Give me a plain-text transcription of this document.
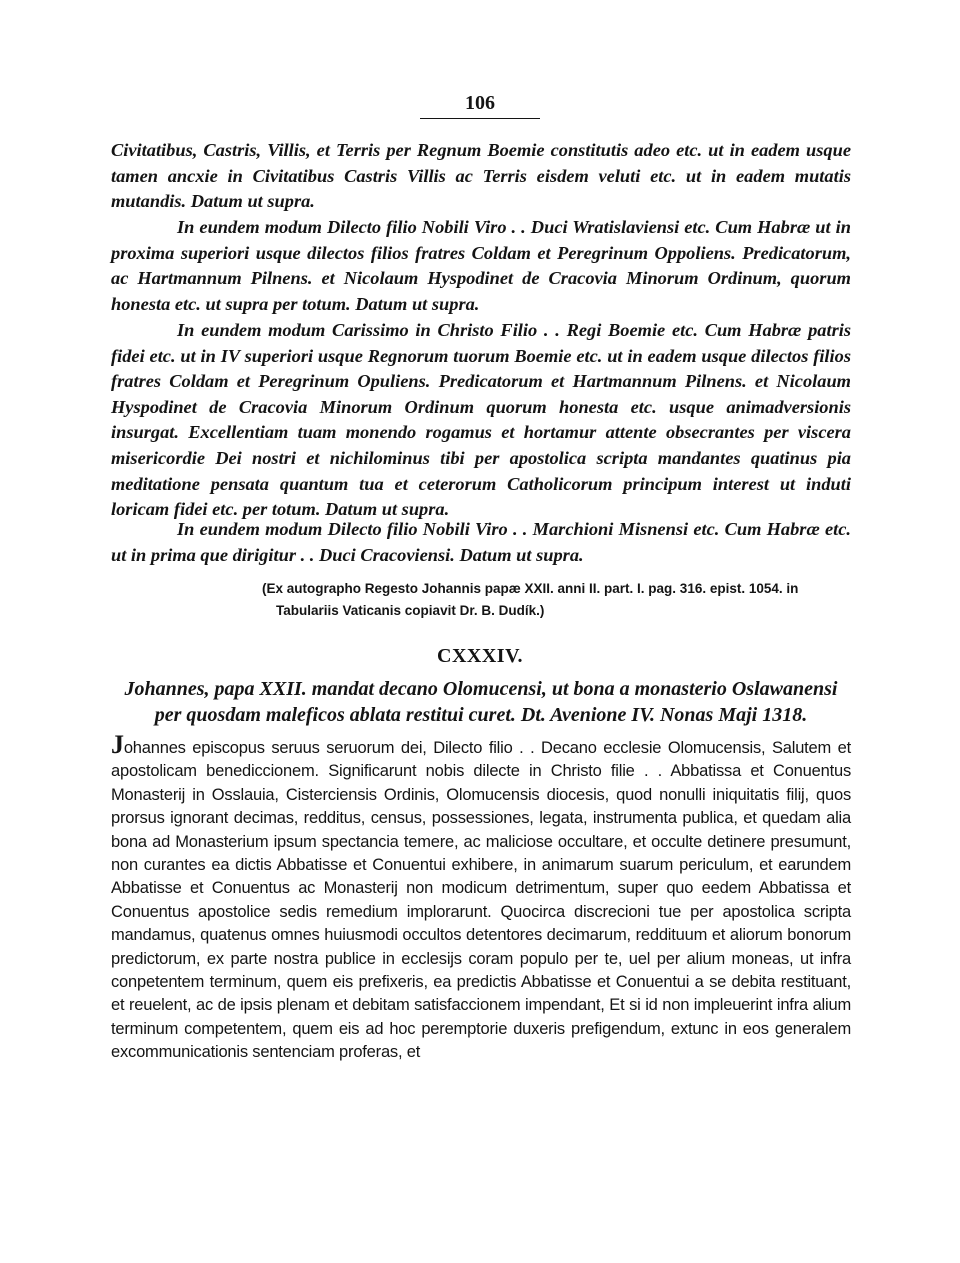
106

Civitatibus, Castris, Villis, et Terris per Regnum Boemie constitutis adeo etc. ut in eadem usque tamen ancxie in Civitatibus Castris Villis ac Terris eisdem veluti etc. ut in eadem mutatis mutandis. Datum ut supra.

In eundem modum Dilecto filio Nobili Viro . . Duci Wratislaviensi etc. Cum Habræ ut in proxima superiori usque dilectos filios fratres Coldam et Peregrinum Oppoliens. Predicatorum, ac Hartmannum Pilnens. et Nicolaum Hyspodinet de Cracovia Minorum Ordinum, quorum honesta etc. ut supra per totum. Datum ut supra.

In eundem modum Carissimo in Christo Filio . . Regi Boemie etc. Cum Habræ patris fidei etc. ut in IV superiori usque Regnorum tuorum Boemie etc. ut in eadem usque dilectos filios fratres Coldam et Peregrinum Opuliens. Predicatorum et Hartmannum Pilnens. et Nicolaum Hyspodinet de Cracovia Minorum Ordinum quorum honesta etc. usque animadversionis insurgat. Excellentiam tuam monendo rogamus et hortamur attente obsecrantes per viscera misericordie Dei nostri et nichilominus tibi per apostolica scripta mandantes quatinus pia meditatione pensata quantum tua et ceterorum Catholicorum principum interest ut induti loricam fidei etc. per totum. Datum ut supra.

In eundem modum Dilecto filio Nobili Viro . . Marchioni Misnensi etc. Cum Habræ etc. ut in prima que dirigitur . . Duci Cracoviensi. Datum ut supra.

(Ex autographo Regesto Johannis papæ XXII. anni II. part. I. pag. 316. epist. 1054. in
Tabulariis Vaticanis copiavit Dr. B. Dudík.)
CXXXIV.
Johannes, papa XXII. mandat decano Olomucensi, ut bona a monasterio Oslawanensi
per quosdam maleficos ablata restitui curet. Dt. Avenione IV. Nonas Maji 1318.

Johannes episcopus seruus seruorum dei, Dilecto filio . . Decano ecclesie Olomucensis, Salutem et apostolicam benediccionem. Significarunt nobis dilecte in Christo filie . . Abbatissa et Conuentus Monasterij in Osslauia, Cisterciensis Ordinis, Olomucensis diocesis, quod nonulli iniquitatis filij, quos prorsus ignorant decimas, redditus, census, possessiones, legata, instrumenta publica, et quedam alia bona ad Monasterium ipsum spectancia temere, ac maliciose occultare, et occulte detinere presumunt, non curantes ea dictis Abbatisse et Conuentui exhibere, in animarum suarum periculum, et earundem Abbatisse et Conuentus ac Monasterij non modicum detrimentum, super quo eedem Abbatissa et Conuentus apostolice sedis remedium implorarunt. Quocirca discrecioni tue per apostolica scripta mandamus, quatenus omnes huiusmodi occultos detentores decimarum, reddituum et aliorum bonorum predictorum, ex parte nostra publice in ecclesijs coram populo per te, uel per alium moneas, ut infra conpetentem terminum, quem eis prefixeris, ea predictis Abbatisse et Conuentui a se debita restituant, et reuelent, ac de ipsis plenam et debitam satisfaccionem impendant, Et si id non impleuerint infra alium terminum competentem, quem eis ad hoc peremptorie duxeris prefigendum, extunc in eos generalem excommunicationis sentenciam proferas, et
